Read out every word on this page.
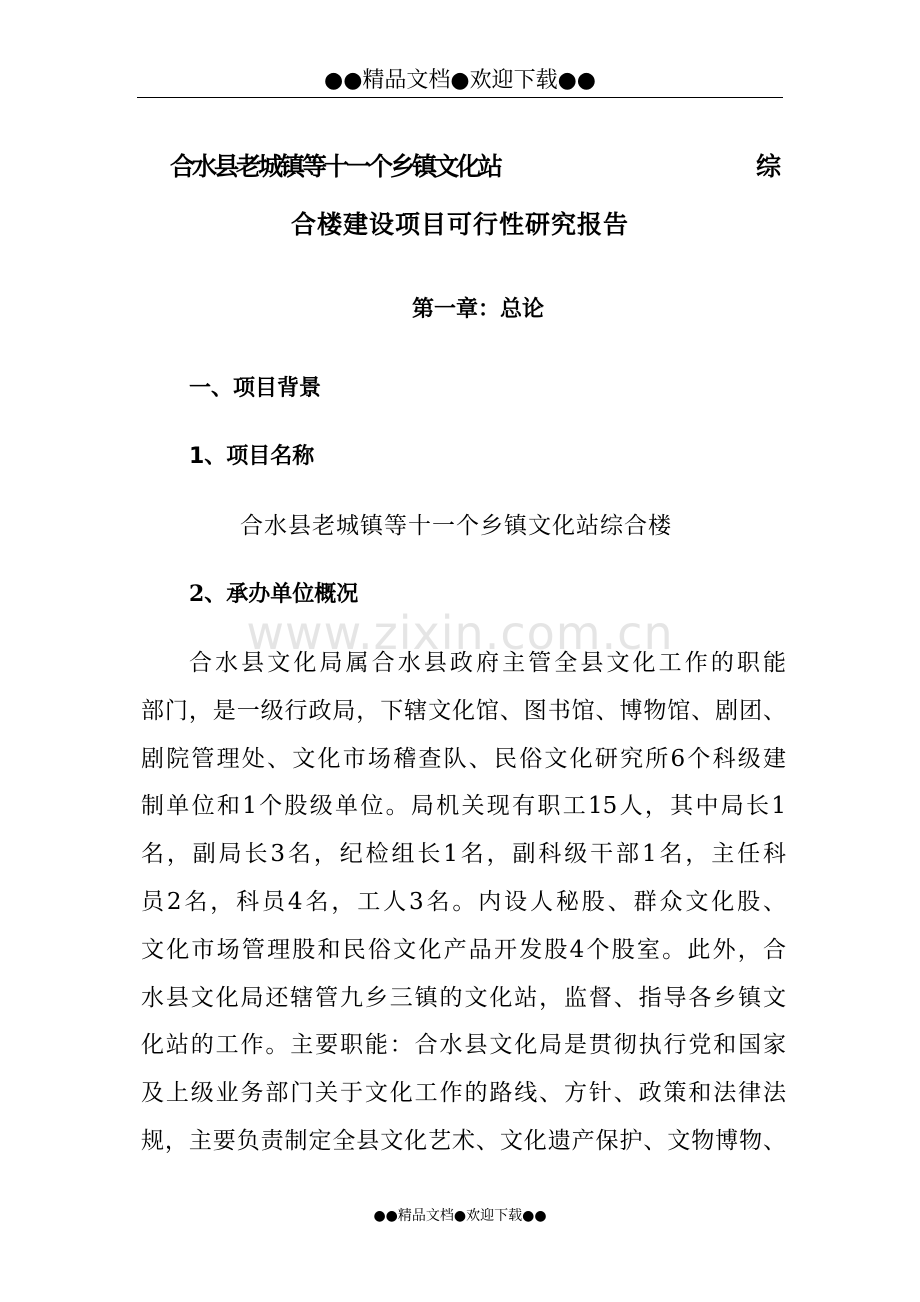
●●精品文档●欢迎下载●●
合水县老城镇等十一个乡镇文化站	综
合楼建设项目可行性研究报告
第一章：总论
一、项目背景
1、项目名称
合水县老城镇等十一个乡镇文化站综合楼
2、承办单位概况
www.zixin.com.cn
合水县文化局属合水县政府主管全县文化工作的职能
部门，是一级行政局，下辖文化馆、图书馆、博物馆、剧团、
剧院管理处、文化市场稽查队、民俗文化研究所6个科级建
制单位和1个股级单位。局机关现有职工15人，其中局长1
名，副局长3名，纪检组长1名，副科级干部1名，主任科
员2名，科员4名，工人3名。内设人秘股、群众文化股、
文化市场管理股和民俗文化产品开发股4个股室。此外，合
水县文化局还辖管九乡三镇的文化站，监督、指导各乡镇文
化站的工作。主要职能：合水县文化局是贯彻执行党和国家
及上级业务部门关于文化工作的路线、方针、政策和法律法
规，主要负责制定全县文化艺术、文化遗产保护、文物博物、
●●精品文档●欢迎下载●●
